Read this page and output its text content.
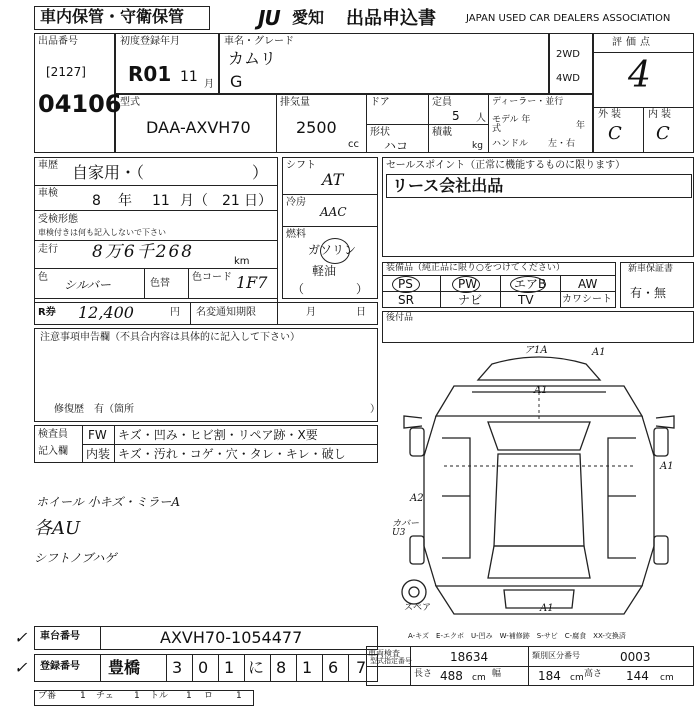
車内保管・守衛保管	JU 愛知 出品申込書	JAPAN USED CAR DEALERS ASSOCIATION
出品番号
[2127]
04106
初度登録年月
R01 11 月
車名・グレード
カムリ
G
2WD
4WD
評価点
4
外装 内装
C C
型式
DAA-AXVH70
排気量
2500
cc
ドア	定員
5 人
形状
ハコ
積載
kg
ディーラー・並行
モデル 年式	年
ハンドル 左・右
車歴 自家用・（	）
車検 8 年 11 月（ 21 日）
受検形態
車検付きは何も記入しないで下さい
走行 8万6千268	km
色
シルバー	色替
色コード 1F7
シフト
AT
冷房
AAC
燃料
ガソリン
軽油
（	）
R券 12,400	円 名変通知期限	月	日
セールスポイント（正常に機能するものに限ります）
リース会社出品
装備品（純正品に限り○をつけてください）
PS	PW	エアB	AW
SR	ナビ	TV	カワシート
新車保証書
有・無
後付品
注意事項申告欄（不具合内容は具体的に記入して下さい）
修復歴　有（箇所	）
検査員
記入欄
FW キズ・凹み・ヒビ割・リペア跡・X要
内装 キズ・汚れ・コゲ・穴・タレ・キレ・破し
ホイール 小キズ・ミラーA
各AU
シフトノブハゲ
ア1A	A1
A1
A1
A2
カバー U3
A1
スペア
A-キズ　E-エクボ　U-凹み　W-補修跡　S-サビ　C-腐食　XX-交換済
車台番号	AXVH70-1054477
登録番号 豊橋 3 0 1 に 8 1 6 7
✓
✓
車両検査
型式指定番号	18634	類別区分番号	0003
長さ 488 cm 幅	184 cm 高さ 144 cm
ブ番	1 チェ 1 トル 1 ロ	1
